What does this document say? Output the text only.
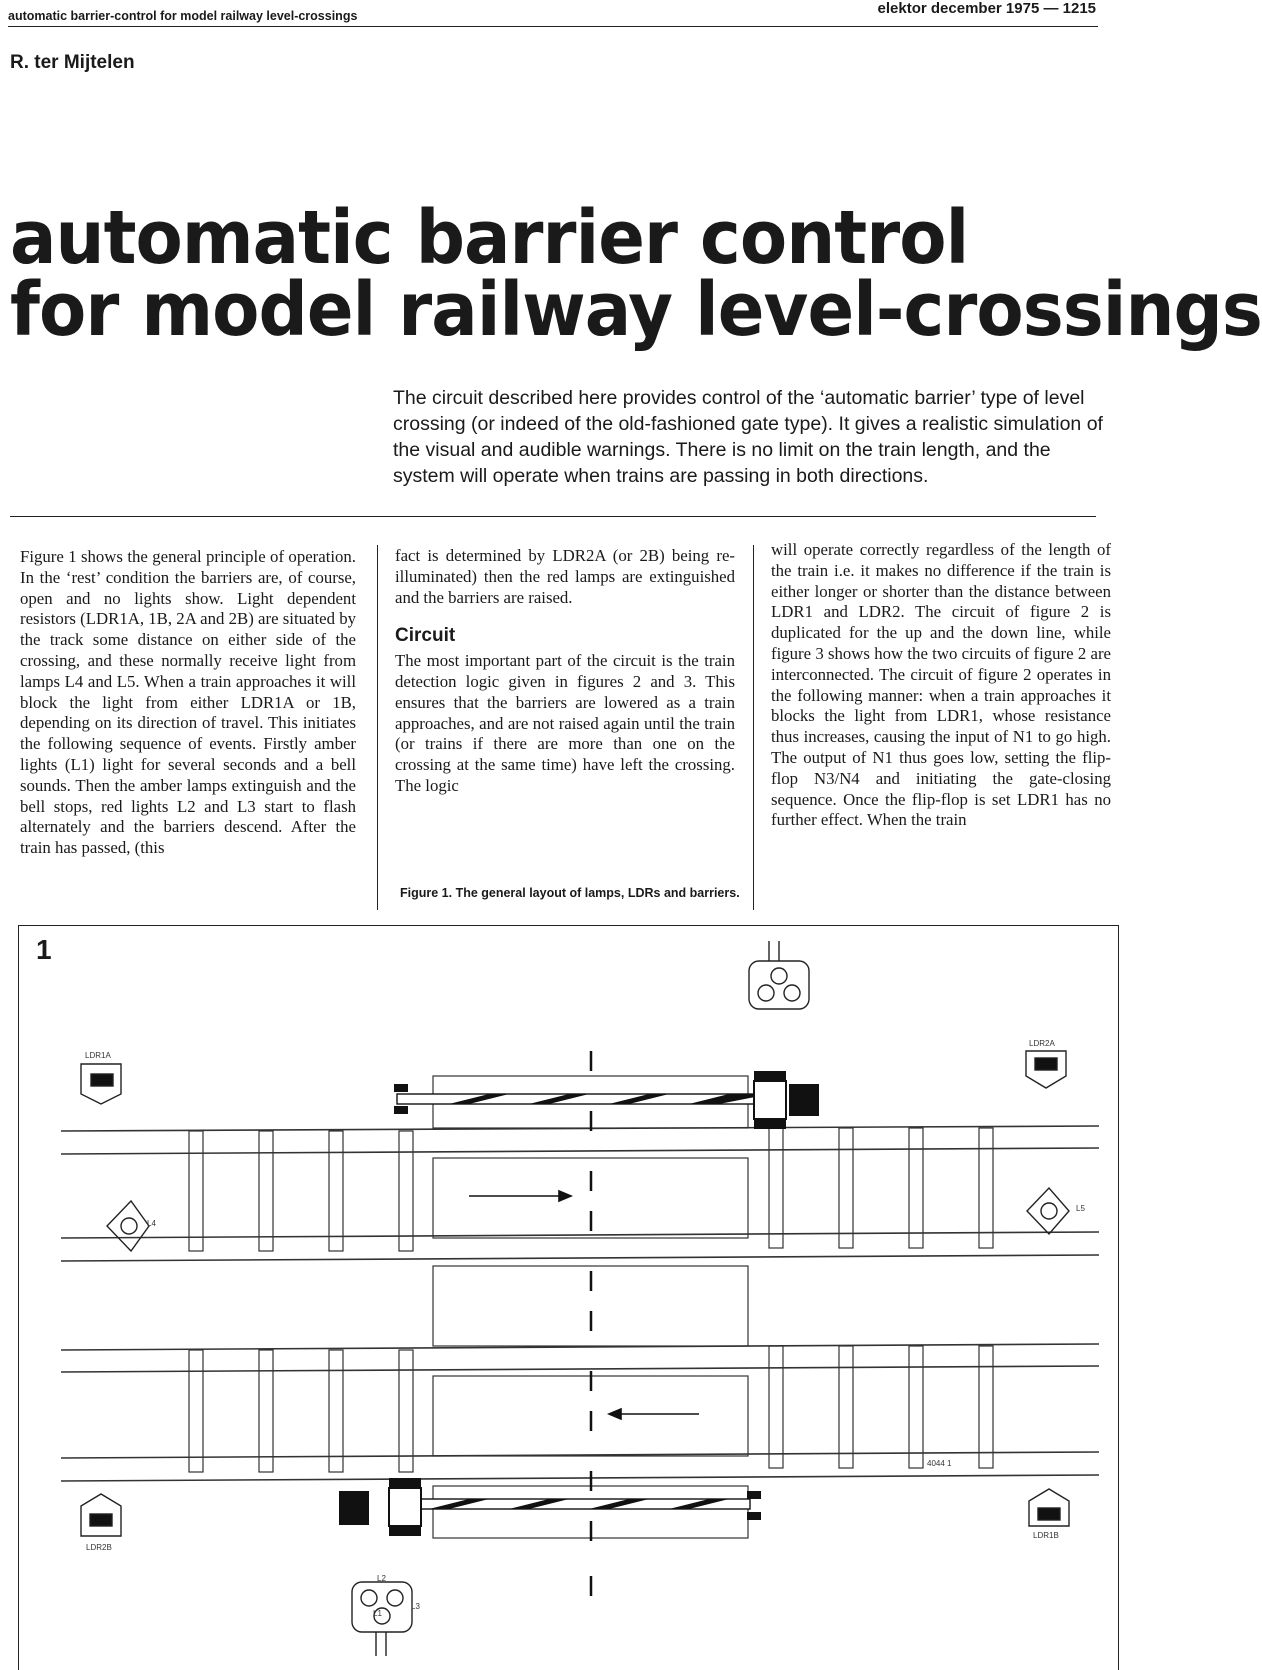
automatic barrier-control for model railway level-crossings	elektor december 1975 — 1215
R. ter Mijtelen
automatic barrier control
for model railway level-crossings
The circuit described here provides control of the ‘automatic barrier’ type of level crossing (or indeed of the old-fashioned gate type). It gives a realistic simulation of the visual and audible warnings. There is no limit on the train length, and the system will operate when trains are passing in both directions.
Figure 1 shows the general principle of operation. In the ‘rest’ condition the barriers are, of course, open and no lights show. Light dependent resistors (LDR1A, 1B, 2A and 2B) are situated by the track some distance on either side of the crossing, and these normally receive light from lamps L4 and L5. When a train approaches it will block the light from either LDR1A or 1B, depending on its direction of travel. This initiates the following sequence of events. Firstly amber lights (L1) light for several seconds and a bell sounds. Then the amber lamps extinguish and the bell stops, red lights L2 and L3 start to flash alternately and the barriers descend. After the train has passed, (this
fact is determined by LDR2A (or 2B) being re-illuminated) then the red lamps are extinguished and the barriers are raised.
Circuit
The most important part of the circuit is the train detection logic given in figures 2 and 3. This ensures that the barriers are lowered as a train approaches, and are not raised again until the train (or trains if there are more than one on the crossing at the same time) have left the crossing. The logic
will operate correctly regardless of the length of the train i.e. it makes no difference if the train is either longer or shorter than the distance between LDR1 and LDR2. The circuit of figure 2 is duplicated for the up and the down line, while figure 3 shows how the two circuits of figure 2 are interconnected. The circuit of figure 2 operates in the following manner: when a train approaches it blocks the light from LDR1, whose resistance thus increases, causing the input of N1 to go high. The output of N1 thus goes low, setting the flip-flop N3/N4 and initiating the gate-closing sequence. Once the flip-flop is set LDR1 has no further effect. When the train
Figure 1. The general layout of lamps, LDRs and barriers.
1
LDR1A
LDR2A
LDR2B
LDR1B
L4
L5
L1
L2
L3
4044 1
